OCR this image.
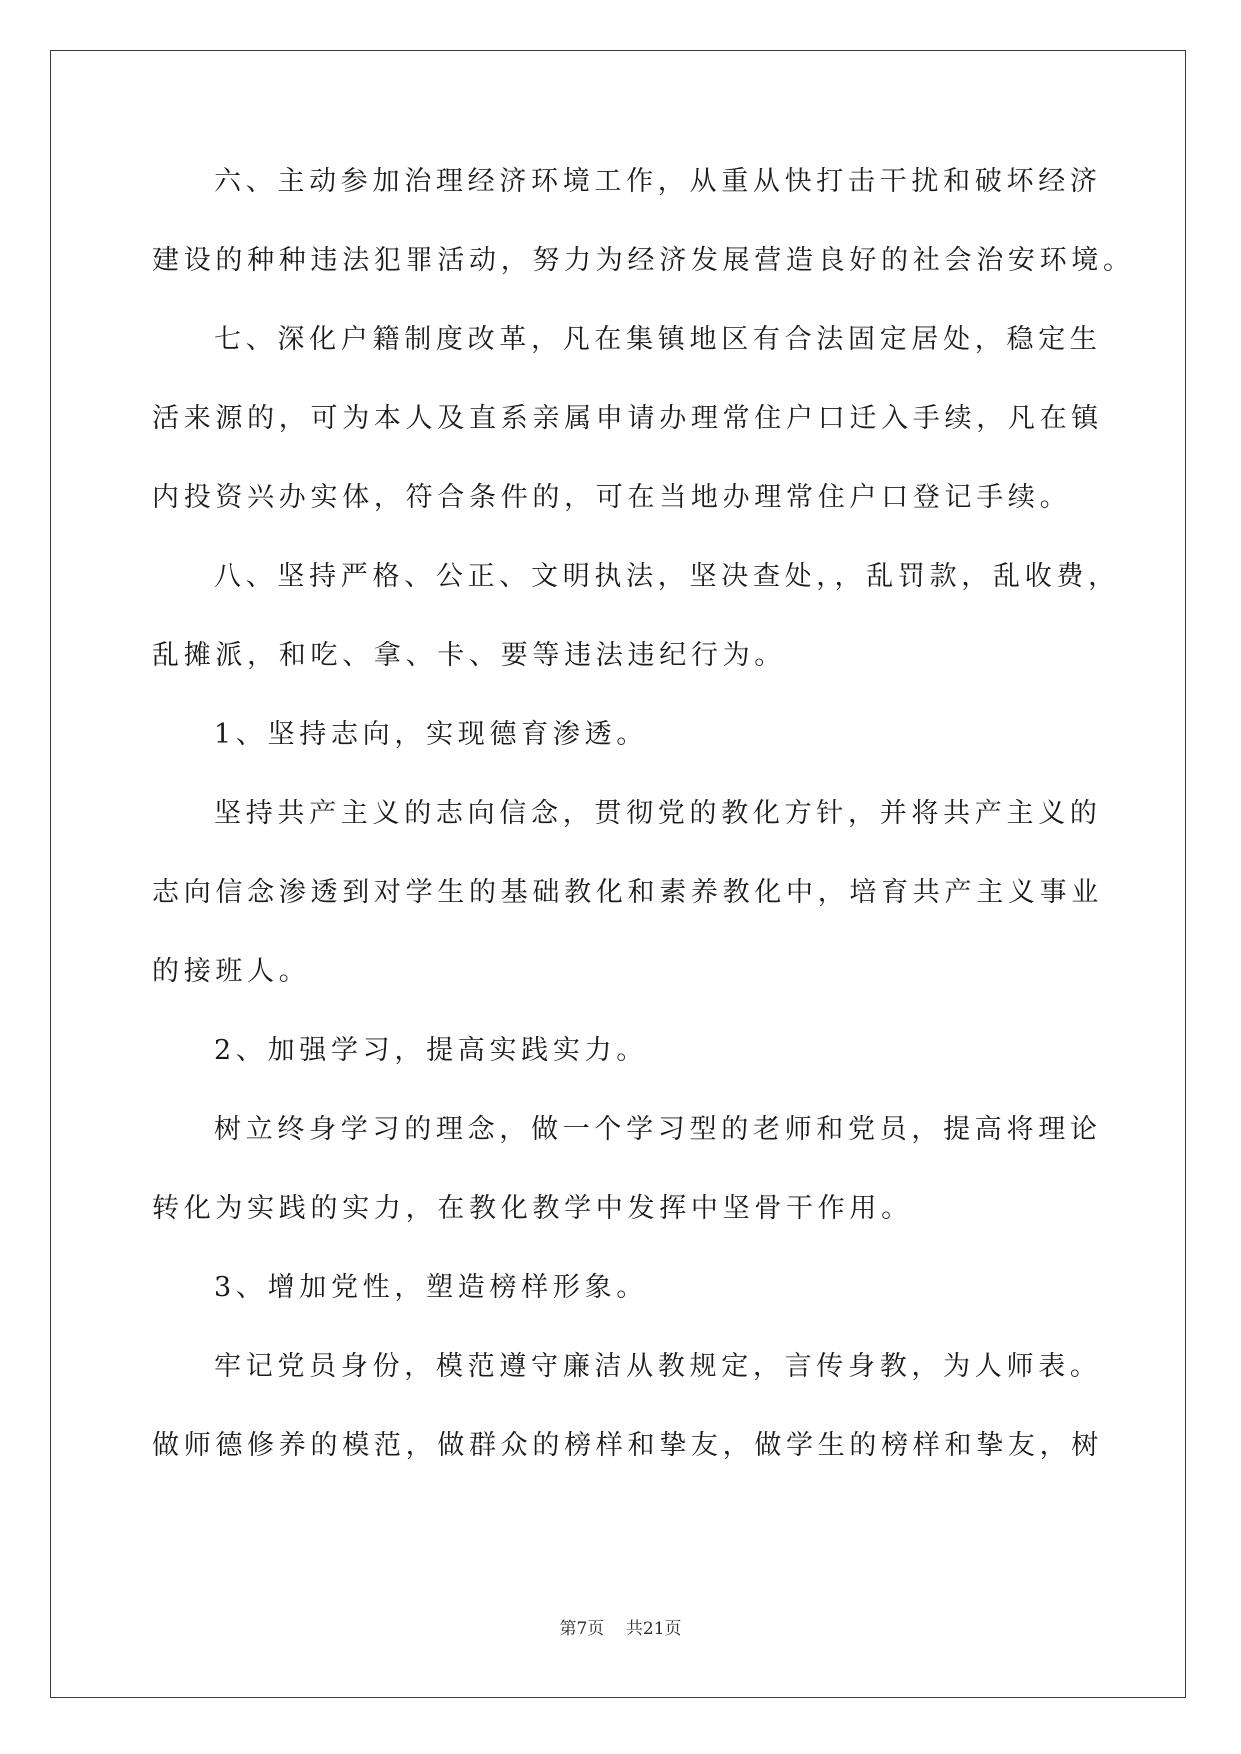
六、主动参加治理经济环境工作，从重从快打击干扰和破坏经济
建设的种种违法犯罪活动，努力为经济发展营造良好的社会治安环境。
七、深化户籍制度改革，凡在集镇地区有合法固定居处，稳定生
活来源的，可为本人及直系亲属申请办理常住户口迁入手续，凡在镇
内投资兴办实体，符合条件的，可在当地办理常住户口登记手续。
八、坚持严格、公正、文明执法，坚决查处，，乱罚款，乱收费，
乱摊派，和吃、拿、卡、要等违法违纪行为。
1、坚持志向，实现德育渗透。
坚持共产主义的志向信念，贯彻党的教化方针，并将共产主义的
志向信念渗透到对学生的基础教化和素养教化中，培育共产主义事业
的接班人。
2、加强学习，提高实践实力。
树立终身学习的理念，做一个学习型的老师和党员，提高将理论
转化为实践的实力，在教化教学中发挥中坚骨干作用。
3、增加党性，塑造榜样形象。
牢记党员身份，模范遵守廉洁从教规定，言传身教，为人师表。
做师德修养的模范，做群众的榜样和挚友，做学生的榜样和挚友，树
第7页 共21页
